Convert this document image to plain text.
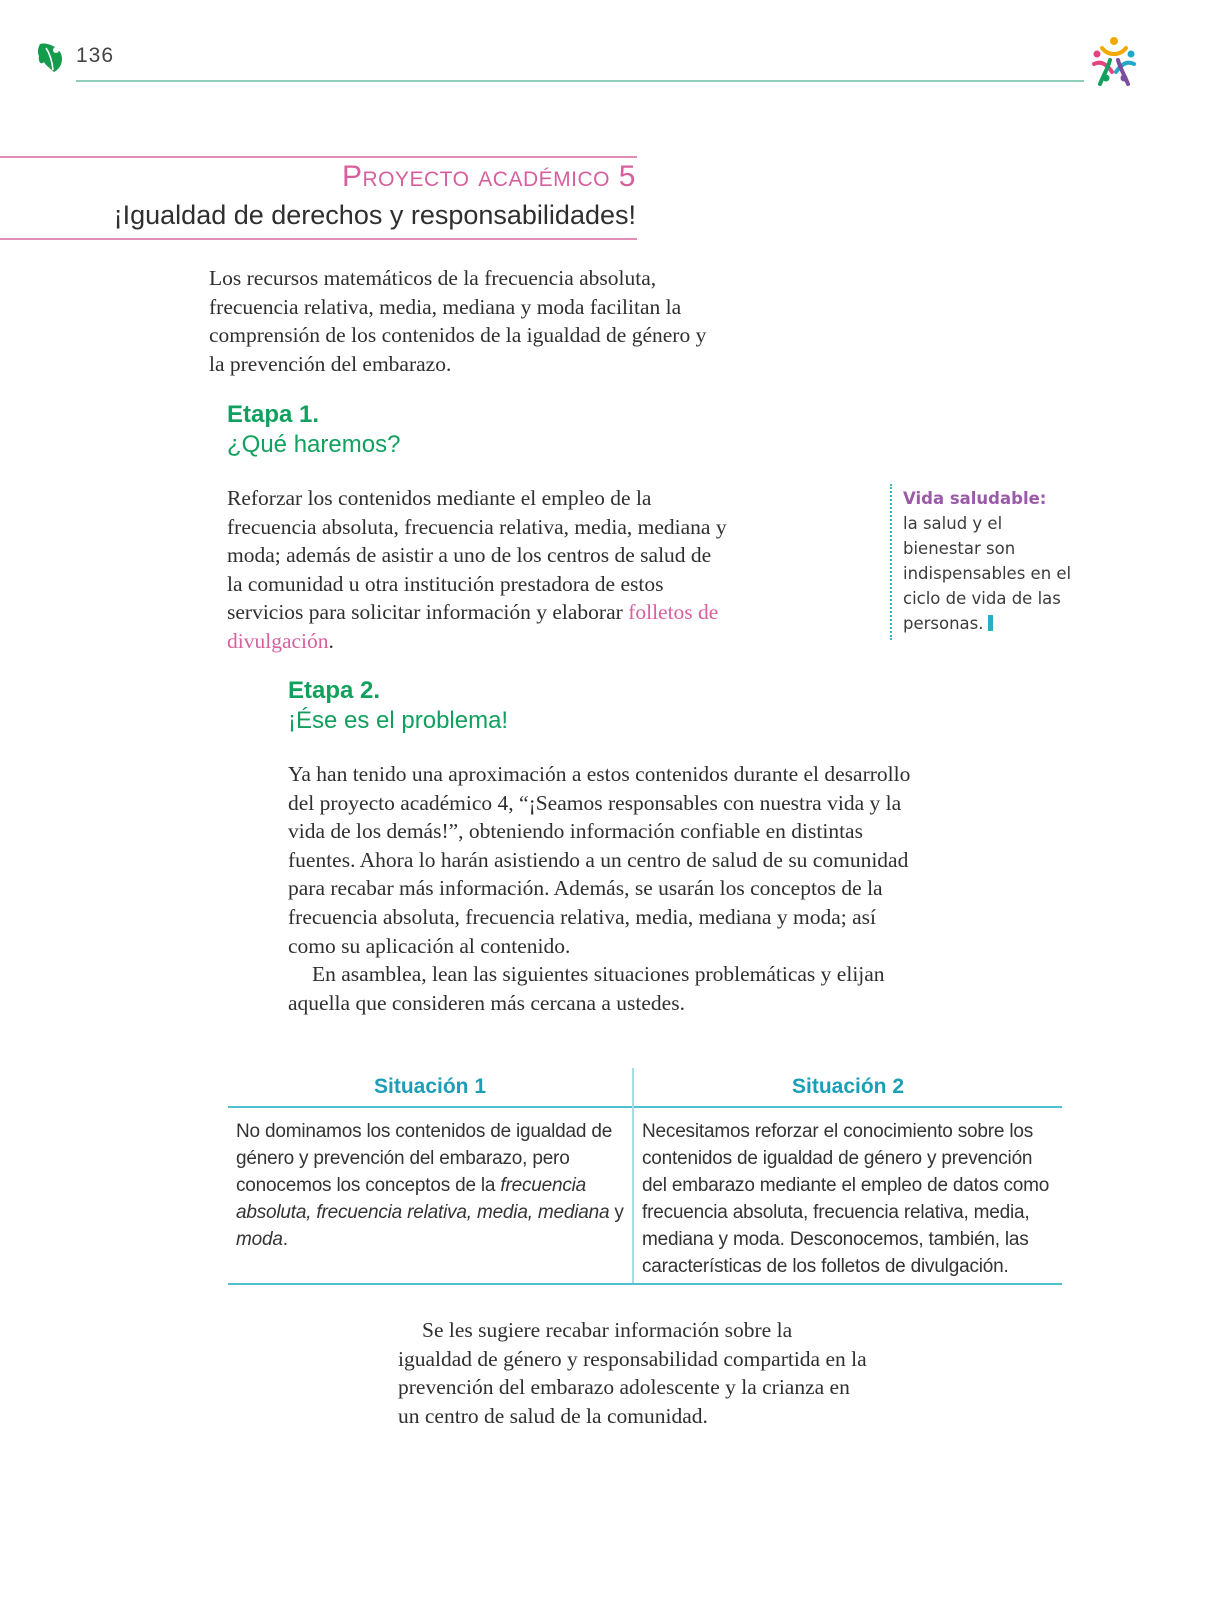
136
Proyecto académico 5
¡Igualdad de derechos y responsabilidades!
Los recursos matemáticos de la frecuencia absoluta, frecuencia relativa, media, mediana y moda facilitan la comprensión de los contenidos de la igualdad de género y la prevención del embarazo.
Etapa 1.
¿Qué haremos?
Reforzar los contenidos mediante el empleo de la frecuencia absoluta, frecuencia relativa, media, mediana y moda; además de asistir a uno de los centros de salud de la comunidad u otra institución prestadora de estos servicios para solicitar información y elaborar folletos de divulgación.
Vida saludable:
la salud y el bienestar son indispensables en el ciclo de vida de las personas.
Etapa 2.
¡Ése es el problema!

Ya han tenido una aproximación a estos contenidos durante el desarrollo del proyecto académico 4, “¡Seamos responsables con nuestra vida y la vida de los demás!”, obteniendo información confiable en distintas fuentes. Ahora lo harán asistiendo a un centro de salud de su comunidad para recabar más información. Además, se usarán los conceptos de la frecuencia absoluta, frecuencia relativa, media, mediana y moda; así como su aplicación al contenido.

En asamblea, lean las siguientes situaciones problemáticas y elijan aquella que consideren más cercana a ustedes.

Situación 1
No dominamos los contenidos de igualdad de género y prevención del embarazo, pero conocemos los conceptos de la frecuencia absoluta, frecuencia relativa, media, mediana y moda.
Situación 2
Necesitamos reforzar el conocimiento sobre los contenidos de igualdad de género y prevención del embarazo mediante el empleo de datos como frecuencia absoluta, frecuencia relativa, media, mediana y moda. Desconocemos, también, las características de los folletos de divulgación.

Se les sugiere recabar información sobre la igualdad de género y responsabilidad compartida en la prevención del embarazo adolescente y la crianza en un centro de salud de la comunidad.
